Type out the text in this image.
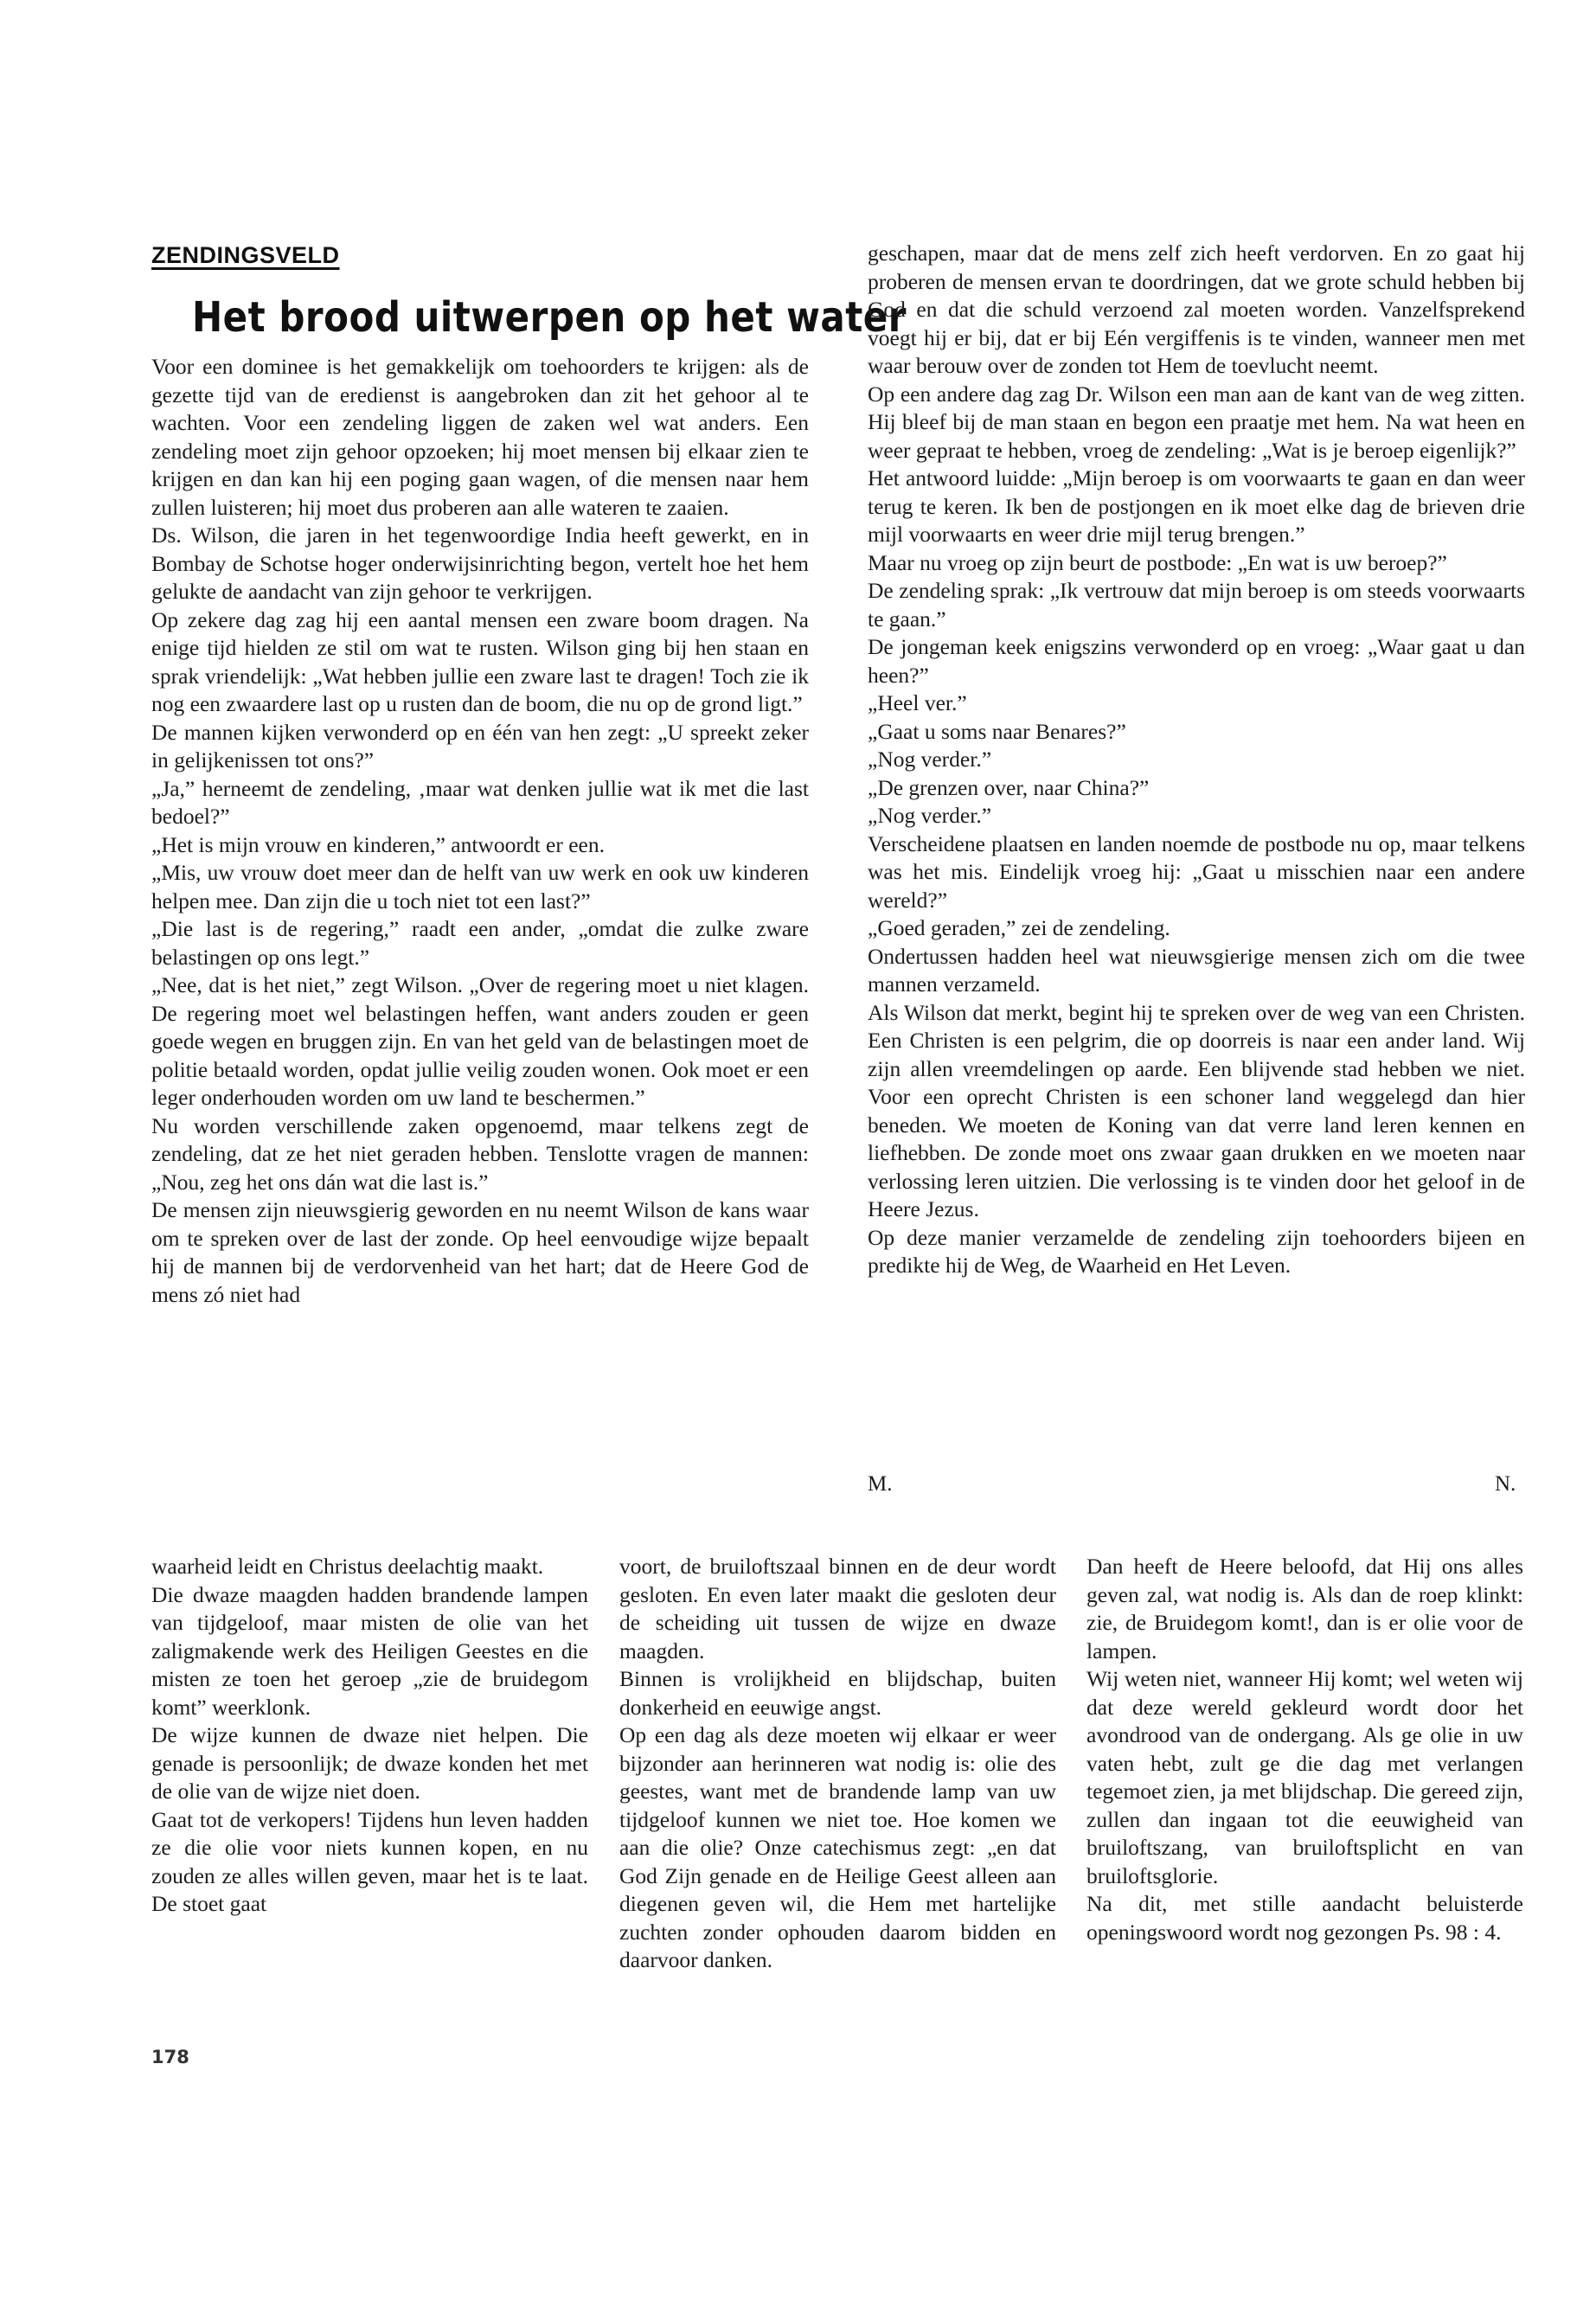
ZENDINGSVELD
Het brood uitwerpen op het water

Voor een dominee is het gemakkelijk om toehoorders te krijgen: als de gezette tijd van de eredienst is aangebroken dan zit het gehoor al te wachten. Voor een zendeling liggen de zaken wel wat anders. Een zendeling moet zijn gehoor opzoeken; hij moet mensen bij elkaar zien te krijgen en dan kan hij een poging gaan wagen, of die mensen naar hem zullen luisteren; hij moet dus proberen aan alle wateren te zaaien.

Ds. Wilson, die jaren in het tegenwoordige India heeft gewerkt, en in Bombay de Schotse hoger onderwijsinrichting begon, vertelt hoe het hem gelukte de aandacht van zijn gehoor te verkrijgen.

Op zekere dag zag hij een aantal mensen een zware boom dragen. Na enige tijd hielden ze stil om wat te rusten. Wilson ging bij hen staan en sprak vriendelijk: „Wat hebben jullie een zware last te dragen! Toch zie ik nog een zwaardere last op u rusten dan de boom, die nu op de grond ligt.”

De mannen kijken verwonderd op en één van hen zegt: „U spreekt zeker in gelijkenissen tot ons?”

„Ja,” herneemt de zendeling, ‚maar wat denken jullie wat ik met die last bedoel?”

„Het is mijn vrouw en kinderen,” antwoordt er een.

„Mis, uw vrouw doet meer dan de helft van uw werk en ook uw kinderen helpen mee. Dan zijn die u toch niet tot een last?”

„Die last is de regering,” raadt een ander, „omdat die zulke zware belastingen op ons legt.”

„Nee, dat is het niet,” zegt Wilson. „Over de regering moet u niet klagen. De regering moet wel belastingen heffen, want anders zouden er geen goede wegen en bruggen zijn. En van het geld van de belastingen moet de politie betaald worden, opdat jullie veilig zouden wonen. Ook moet er een leger onderhouden worden om uw land te beschermen.”

Nu worden verschillende zaken opgenoemd, maar telkens zegt de zendeling, dat ze het niet geraden hebben. Tenslotte vragen de mannen: „Nou, zeg het ons dán wat die last is.”

De mensen zijn nieuwsgierig geworden en nu neemt Wilson de kans waar om te spreken over de last der zonde. Op heel eenvoudige wijze bepaalt hij de mannen bij de verdorvenheid van het hart; dat de Heere God de mens zó niet had

geschapen, maar dat de mens zelf zich heeft verdorven. En zo gaat hij proberen de mensen ervan te doordringen, dat we grote schuld hebben bij God en dat die schuld verzoend zal moeten worden. Vanzelfsprekend voegt hij er bij, dat er bij Eén vergiffenis is te vinden, wanneer men met waar berouw over de zonden tot Hem de toevlucht neemt.

Op een andere dag zag Dr. Wilson een man aan de kant van de weg zitten. Hij bleef bij de man staan en begon een praatje met hem. Na wat heen en weer gepraat te hebben, vroeg de zendeling: „Wat is je beroep eigenlijk?”

Het antwoord luidde: „Mijn beroep is om voorwaarts te gaan en dan weer terug te keren. Ik ben de postjongen en ik moet elke dag de brieven drie mijl voorwaarts en weer drie mijl terug brengen.”

Maar nu vroeg op zijn beurt de postbode: „En wat is uw beroep?”

De zendeling sprak: „Ik vertrouw dat mijn beroep is om steeds voorwaarts te gaan.”

De jongeman keek enigszins verwonderd op en vroeg: „Waar gaat u dan heen?”

„Heel ver.”

„Gaat u soms naar Benares?”

„Nog verder.”

„De grenzen over, naar China?”

„Nog verder.”

Verscheidene plaatsen en landen noemde de postbode nu op, maar telkens was het mis. Eindelijk vroeg hij: „Gaat u misschien naar een andere wereld?”

„Goed geraden,” zei de zendeling.

Ondertussen hadden heel wat nieuwsgierige mensen zich om die twee mannen verzameld.

Als Wilson dat merkt, begint hij te spreken over de weg van een Christen. Een Christen is een pelgrim, die op doorreis is naar een ander land. Wij zijn allen vreemdelingen op aarde. Een blijvende stad hebben we niet. Voor een oprecht Christen is een schoner land weggelegd dan hier beneden. We moeten de Koning van dat verre land leren kennen en liefhebben. De zonde moet ons zwaar gaan drukken en we moeten naar verlossing leren uitzien. Die verlossing is te vinden door het geloof in de Heere Jezus.

Op deze manier verzamelde de zendeling zijn toehoorders bijeen en predikte hij de Weg, de Waarheid en Het Leven.

M.	N.

waarheid leidt en Christus deelachtig maakt.

Die dwaze maagden hadden brandende lampen van tijdgeloof, maar misten de olie van het zaligmakende werk des Heiligen Geestes en die misten ze toen het geroep „zie de bruidegom komt” weerklonk.

De wijze kunnen de dwaze niet helpen. Die genade is persoonlijk; de dwaze konden het met de olie van de wijze niet doen.

Gaat tot de verkopers! Tijdens hun leven hadden ze die olie voor niets kunnen kopen, en nu zouden ze alles willen geven, maar het is te laat. De stoet gaat

voort, de bruiloftszaal binnen en de deur wordt gesloten. En even later maakt die gesloten deur de scheiding uit tussen de wijze en dwaze maagden.

Binnen is vrolijkheid en blijdschap, buiten donkerheid en eeuwige angst.

Op een dag als deze moeten wij elkaar er weer bijzonder aan herinneren wat nodig is: olie des geestes, want met de brandende lamp van uw tijdgeloof kunnen we niet toe. Hoe komen we aan die olie? Onze catechismus zegt: „en dat God Zijn genade en de Heilige Geest alleen aan diegenen geven wil, die Hem met hartelijke zuchten zonder ophouden daarom bidden en daarvoor danken.

Dan heeft de Heere beloofd, dat Hij ons alles geven zal, wat nodig is. Als dan de roep klinkt: zie, de Bruidegom komt!, dan is er olie voor de lampen.

Wij weten niet, wanneer Hij komt; wel weten wij dat deze wereld gekleurd wordt door het avondrood van de ondergang. Als ge olie in uw vaten hebt, zult ge die dag met verlangen tegemoet zien, ja met blijdschap. Die gereed zijn, zullen dan ingaan tot die eeuwigheid van bruiloftszang, van bruiloftsplicht en van bruiloftsglorie.

Na dit, met stille aandacht beluisterde openingswoord wordt nog gezongen Ps. 98 : 4.

178
